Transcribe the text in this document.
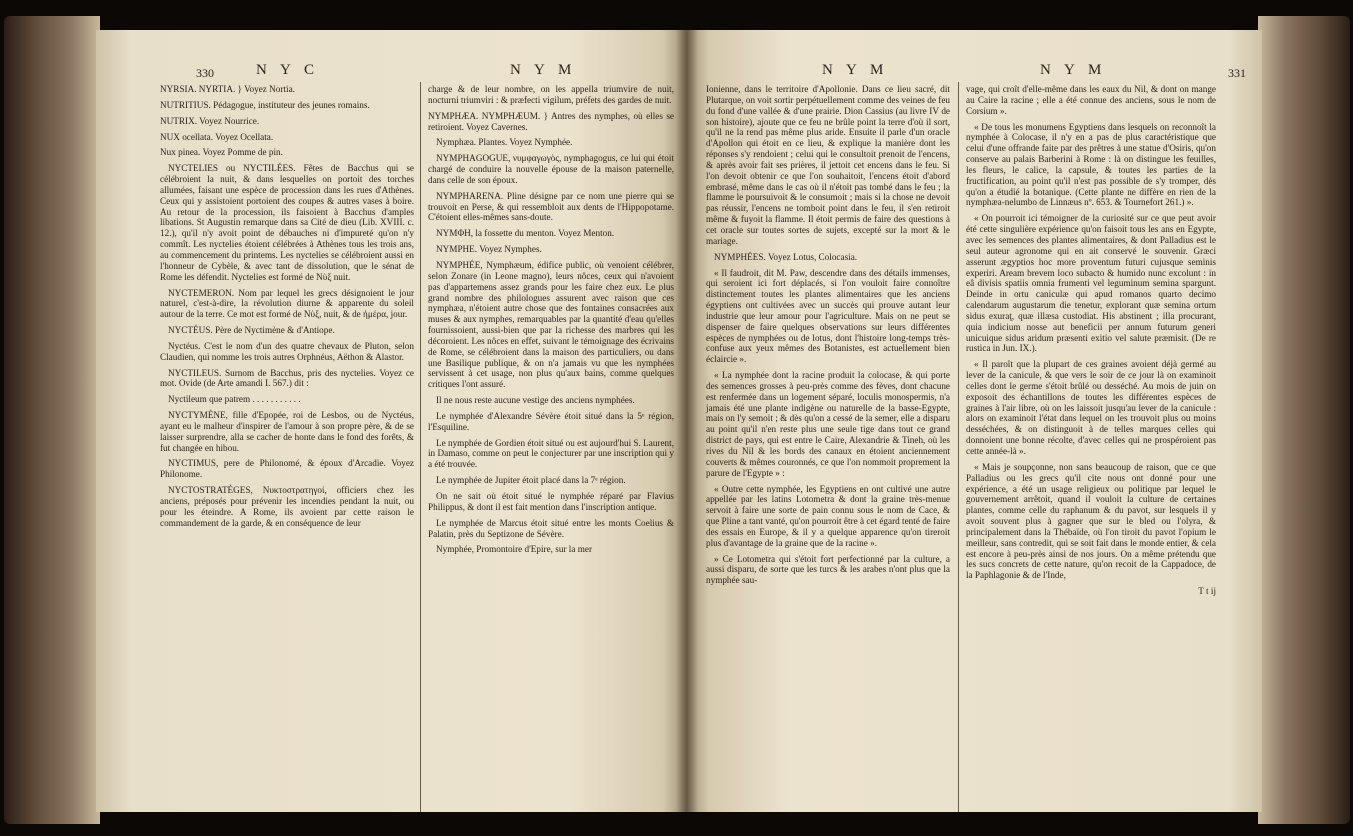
330	N Y C	N Y M	N Y M	N Y M	331

NYRSIA. NYRTIA. } Voyez Nortia.

NUTRITIUS. Pédagogue, instituteur des jeunes romains.

NUTRIX. Voyez Nourrice.

NUX ocellata. Voyez Ocellata.

Nux pinea. Voyez Pomme de pin.

NYCTELIES ou NYCTILÉES. Fêtes de Bacchus qui se célébroient la nuit, & dans lesquelles on portoit des torches allumées, faisant une espèce de procession dans les rues d'Athènes. Ceux qui y assistoient portoient des coupes & autres vases à boire. Au retour de la procession, ils faisoient à Bacchus d'amples libations. St Augustin remarque dans sa Cité de dieu (Lib. XVIII. c. 12.), qu'il n'y avoit point de débauches ni d'impureté qu'on n'y commît. Les nyctelies étoient célébrées à Athènes tous les trois ans, au commencement du printems. Les nyctelies se célébroient aussi en l'honneur de Cybèle, & avec tant de dissolution, que le sénat de Rome les défendit. Nyctelies est formé de Νὺξ nuit.

NYCTEMERON. Nom par lequel les grecs désignoient le jour naturel, c'est-à-dire, la révolution diurne & apparente du soleil autour de la terre. Ce mot est formé de Νὺξ, nuit, & de ἡμέρα, jour.

NYCTÉUS. Père de Nyctimène & d'Antiope.

Nyctéus. C'est le nom d'un des quatre chevaux de Pluton, selon Claudien, qui nomme les trois autres Orphnéus, Aëthon & Alastor.

NYCTILEUS. Surnom de Bacchus, pris des nyctelies. Voyez ce mot. Ovide (de Arte amandi I. 567.) dit :

Nyctileum que patrem . . . . . . . . . . .

NYCTYMÈNE, fille d'Epopée, roi de Lesbos, ou de Nyctéus, ayant eu le malheur d'inspirer de l'amour à son propre père, & de se laisser surprendre, alla se cacher de honte dans le fond des forêts, & fut changée en hibou.

NYCTIMUS, pere de Philonomé, & époux d'Arcadie. Voyez Philonome.

NYCTOSTRATÉGES, Νυκτοστρατηγοί, officiers chez les anciens, préposés pour prévenir les incendies pendant la nuit, ou pour les éteindre. A Rome, ils avoient par cette raison le commandement de la garde, & en conséquence de leur

charge & de leur nombre, on les appella triumvire de nuit, nocturni triumviri : & præfecti vigilum, préfets des gardes de nuit.

NYMPHÆA. NYMPHÆUM. } Antres des nymphes, où elles se retiroient. Voyez Cavernes.

Nymphæa. Plantes. Voyez Nymphée.

NYMPHAGOGUE, νυμφαγωγὸς, nymphagogus, ce lui qui étoit chargé de conduire la nouvelle épouse de la maison paternelle, dans celle de son époux.

NYMPHARENA. Pline désigne par ce nom une pierre qui se trouvoit en Perse, & qui ressembloit aux dents de l'Hippopotame. C'étoient elles-mêmes sans-doute.

NYMΦΗ, la fossette du menton. Voyez Menton.

NYMPHE. Voyez Nymphes.

NYMPHÉE, Nymphæum, édifice public, où venoient célébrer, selon Zonare (in Leone magno), leurs nôces, ceux qui n'avoient pas d'appartemens assez grands pour les faire chez eux. Le plus grand nombre des philologues assurent avec raison que ces nymphæa, n'étoient autre chose que des fontaines consacrées aux muses & aux nymphes, remarquables par la quantité d'eau qu'elles fournissoient, aussi-bien que par la richesse des marbres qui les décoroient. Les nôces en effet, suivant le témoignage des écrivains de Rome, se célébroient dans la maison des particuliers, ou dans une Basilique publique, & on n'a jamais vu que les nymphées servissent à cet usage, non plus qu'aux bains, comme quelques critiques l'ont assuré.

Il ne nous reste aucune vestige des anciens nymphées.

Le nymphée d'Alexandre Sévère étoit situé dans la 5ᵉ région, l'Esquiline.

Le nymphée de Gordien étoit situé ou est aujourd'hui S. Laurent, in Damaso, comme on peut le conjecturer par une inscription qui y a été trouvée.

Le nymphée de Jupiter étoit placé dans la 7ᵉ région.

On ne sait où étoit situé le nymphée réparé par Flavius Philippus, & dont il est fait mention dans l'inscription antique.

Le nymphée de Marcus étoit situé entre les monts Coelius & Palatin, près du Septizone de Sévère.

Nymphée, Promontoire d'Epire, sur la mer

Ionienne, dans le territoire d'Apollonie. Dans ce lieu sacré, dit Plutarque, on voit sortir perpétuellement comme des veines de feu du fond d'une vallée & d'une prairie. Dion Cassius (au livre IV de son histoire), ajoute que ce feu ne brûle point la terre d'où il sort, qu'il ne la rend pas même plus aride. Ensuite il parle d'un oracle d'Apollon qui étoit en ce lieu, & explique la manière dont les réponses s'y rendoient ; celui qui le consultoit prenoit de l'encens, & après avoir fait ses prières, il jettoit cet encens dans le feu. Si l'on devoit obtenir ce que l'on souhaitoit, l'encens étoit d'abord embrasé, même dans le cas où il n'étoit pas tombé dans le feu ; la flamme le poursuivoit & le consumoit ; mais si la chose ne devoit pas réussir, l'encens ne tomboit point dans le feu, il s'en retiroit même & fuyoit la flamme. Il étoit permis de faire des questions à cet oracle sur toutes sortes de sujets, excepté sur la mort & le mariage.

NYMPHÉES. Voyez Lotus, Colocasia.

« Il faudroit, dit M. Paw, descendre dans des détails immenses, qui seroient ici fort déplacés, si l'on vouloit faire connoître distinctement toutes les plantes alimentaires que les anciens égyptiens ont cultivées avec un succès qui prouve autant leur industrie que leur amour pour l'agriculture. Mais on ne peut se dispenser de faire quelques observations sur leurs différentes espèces de nymphées ou de lotus, dont l'histoire long-temps très-confuse aux yeux mêmes des Botanistes, est actuellement bien éclaircie ».

« La nymphée dont la racine produit la colocase, & qui porte des semences grosses à peu-près comme des fèves, dont chacune est renfermée dans un logement séparé, loculis monospermis, n'a jamais été une plante indigène ou naturelle de la basse-Egypte, mais on l'y semoit ; & dès qu'on a cessé de la semer, elle a disparu au point qu'il n'en reste plus une seule tige dans tout ce grand district de pays, qui est entre le Caire, Alexandrie & Tineh, où les rives du Nil & les bords des canaux en étoient anciennement couverts & mêmes couronnés, ce que l'on nommoit proprement la parure de l'Egypte » :

« Outre cette nymphée, les Egyptiens en ont cultivé une autre appellée par les latins Lotometra & dont la graine très-menue servoit à faire une sorte de pain connu sous le nom de Cace, & que Pline a tant vanté, qu'on pourroit être à cet égard tenté de faire des essais en Europe, & il y a quelque apparence qu'on tireroit plus d'avantage de la graine que de la racine ».

» Ce Lotometra qui s'étoit fort perfectionné par la culture, a aussi disparu, de sorte que les turcs & les arabes n'ont plus que la nymphée sau-

vage, qui croît d'elle-même dans les eaux du Nil, & dont on mange au Caire la racine ; elle a été connue des anciens, sous le nom de Corsium ».

« De tous les monumens Egyptiens dans lesquels on reconnoît la nymphée à Colocase, il n'y en a pas de plus caractéristique que celui d'une offrande faite par des prêtres à une statue d'Osiris, qu'on conserve au palais Barberini à Rome : là on distingue les feuilles, les fleurs, le calice, la capsule, & toutes les parties de la fructification, au point qu'il n'est pas possible de s'y tromper, dès qu'on a étudié la botanique. (Cette plante ne diffère en rien de la nymphæa-nelumbo de Linnæus nº. 653. & Tournefort 261.) ».

« On pourroit ici témoigner de la curiosité sur ce que peut avoir été cette singulière expérience qu'on faisoit tous les ans en Egypte, avec les semences des plantes alimentaires, & dont Palladius est le seul auteur agronome qui en ait conservé le souvenir. Græci asserunt ægyptios hoc more proventum futuri cujusque seminis experiri. Aream brevem loco subacto & humido nunc excolunt : in eâ divisis spatiis omnia frumenti vel leguminum semina spargunt. Deinde in ortu caniculæ qui apud romanos quarto decimo calendarum augustarum die tenetur, explorant quæ semina ortum sidus exuraţ, quæ illæsa custodiat. His abstinent ; illa procurant, quia indicium nosse aut beneficii per annum futurum generi unicuique sidus aridum præsenti exitio vel salute præmisit. (De re rustica in Jun. IX.).

« Il paroît que la plupart de ces graines avoient déjà germé au lever de la canicule, & que vers le soir de ce jour là on examinoit celles dont le germe s'étoit brûlé ou desséché. Au mois de juin on exposoit des échantillons de toutes les différentes espèces de graines à l'air libre, où on les laissoit jusqu'au lever de la canicule : alors on examinoit l'état dans lequel on les trouvoit plus ou moins desséchées, & on distinguoit à de telles marques celles qui donnoient une bonne récolte, d'avec celles qui ne prospéroient pas cette année-là ».

« Mais je soupçonne, non sans beaucoup de raison, que ce que Palladius ou les grecs qu'il cite nous ont donné pour une expérience, a été un usage religieux ou politique par lequel le gouvernement arrêtoit, quand il vouloit la culture de certaines plantes, comme celle du raphanum & du pavot, sur lesquels il y avoit souvent plus à gagner que sur le bled ou l'olyra, & principalement dans la Thébaïde, où l'on tiroit du pavot l'opium le meilleur, sans contredit, qui se soit fait dans le monde entier, & cela est encore à peu-près ainsi de nos jours. On a même prétendu que les sucs concrets de cette nature, qu'on recoit de la Cappadoce, de la Paphlagonie & de l'Inde,

T t ij
